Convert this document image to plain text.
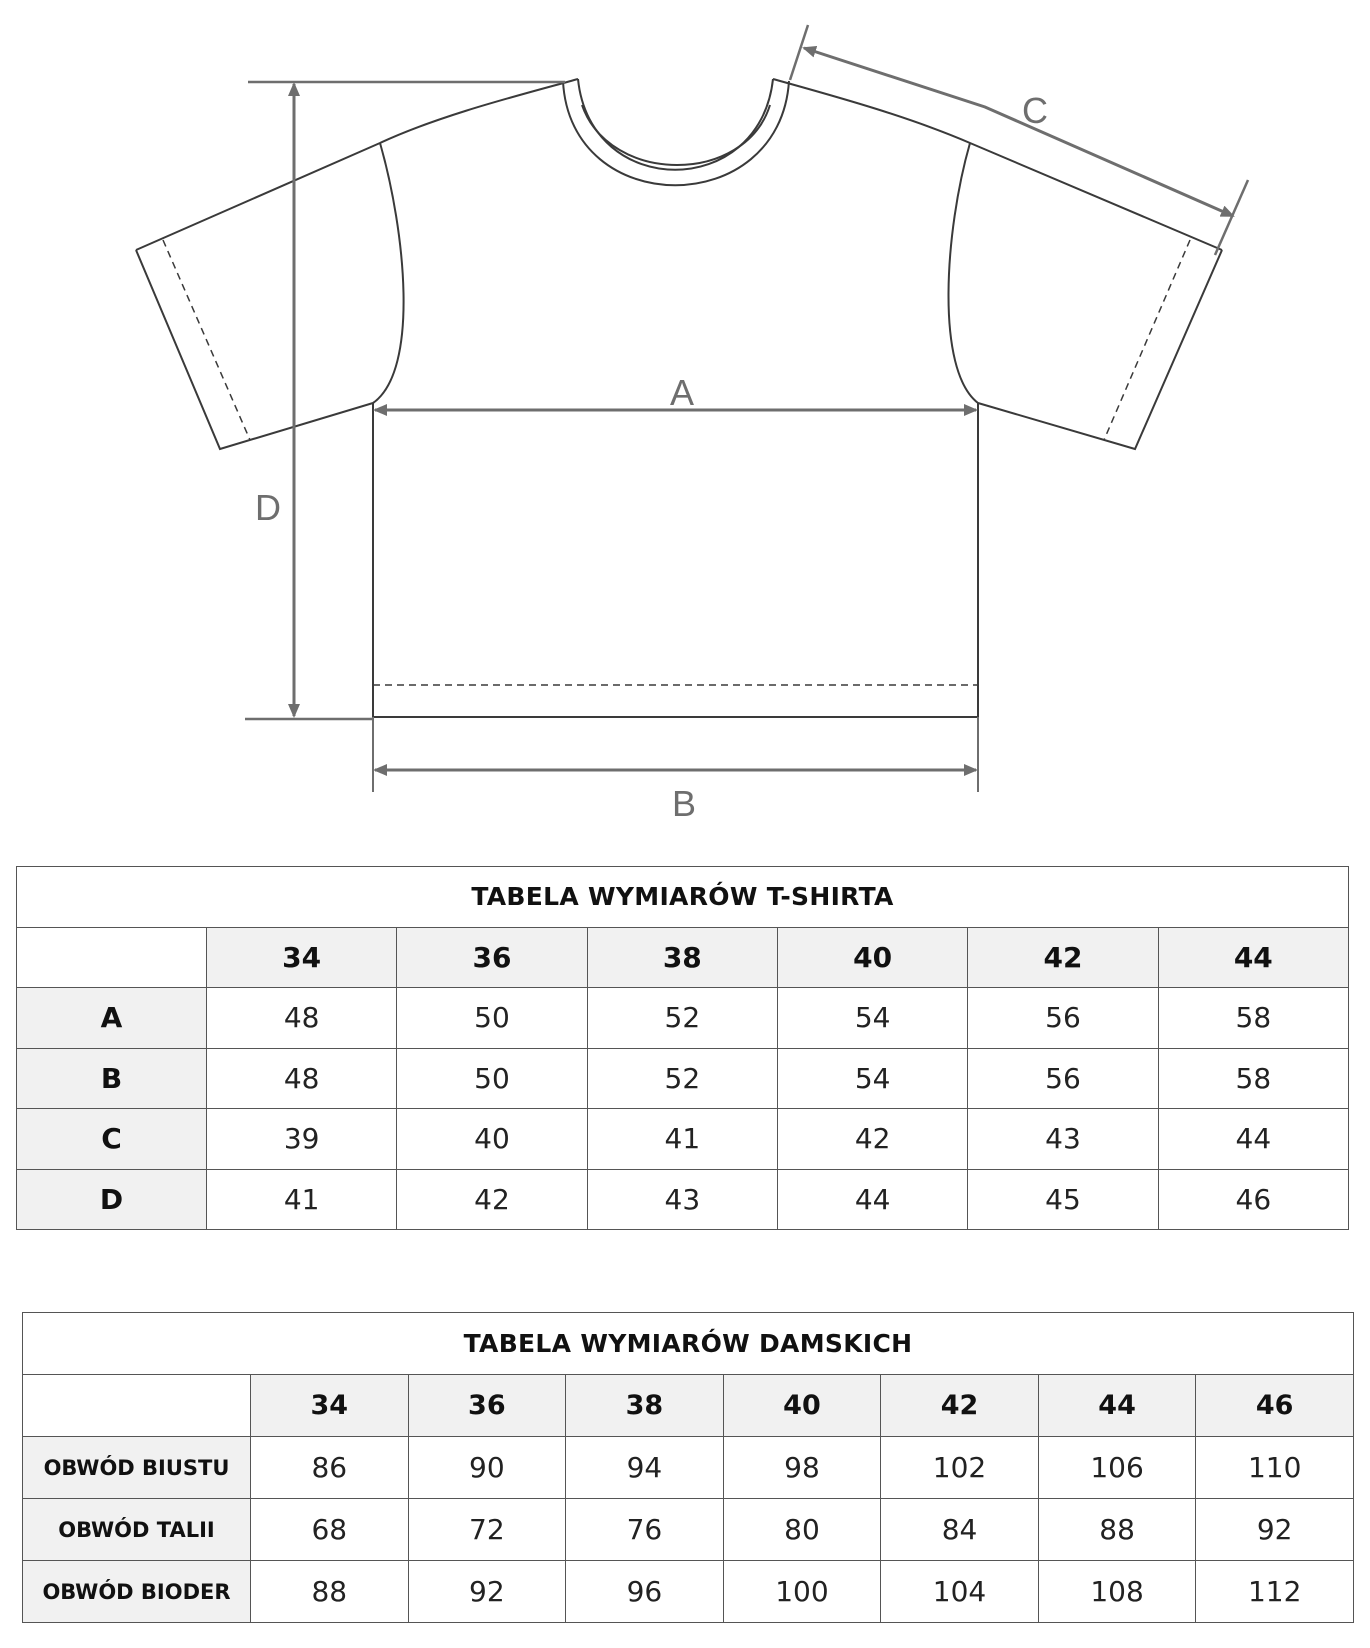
A
B
C
D
TABELA WYMIARÓW T-SHIRTA						
	34	36	38	40	42	44
A	48	50	52	54	56	58
B	48	50	52	54	56	58
C	39	40	41	42	43	44
D	41	42	43	44	45	46
TABELA WYMIARÓW DAMSKICH							
	34	36	38	40	42	44	46
OBWÓD BIUSTU	86	90	94	98	102	106	110
OBWÓD TALII	68	72	76	80	84	88	92
OBWÓD BIODER	88	92	96	100	104	108	112
